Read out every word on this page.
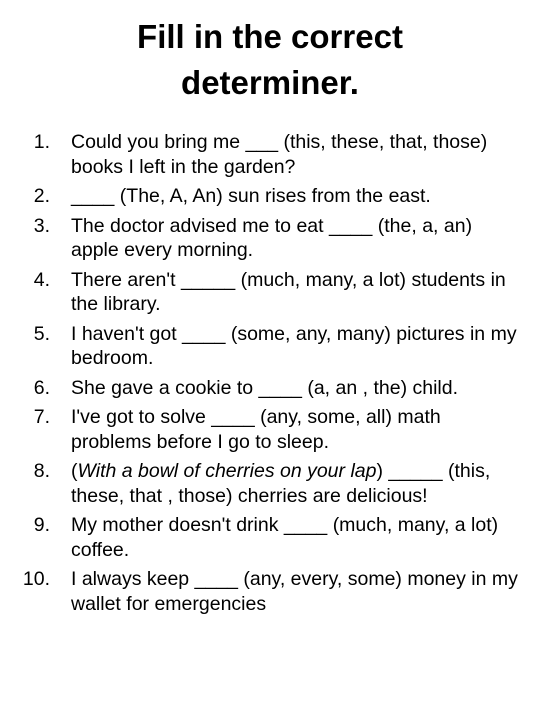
Fill in the correct
determiner.
1. Could you bring me ___ (this, these, that, those) books I left in the garden?
2. ____ (The, A, An) sun rises from the east.
3. The doctor advised me to eat ____ (the, a, an) apple every morning.
4. There aren't _____ (much, many, a lot) students in the library.
5. I haven't got ____ (some, any, many) pictures in my bedroom.
6. She gave a cookie to ____ (a, an , the) child.
7. I've got to solve ____ (any, some, all) math problems before I go to sleep.
8. (With a bowl of cherries on your lap) _____ (this, these, that , those) cherries are delicious!
9. My mother doesn't drink ____ (much, many, a lot) coffee.
10. I always keep ____ (any, every, some) money in my wallet for emergencies
